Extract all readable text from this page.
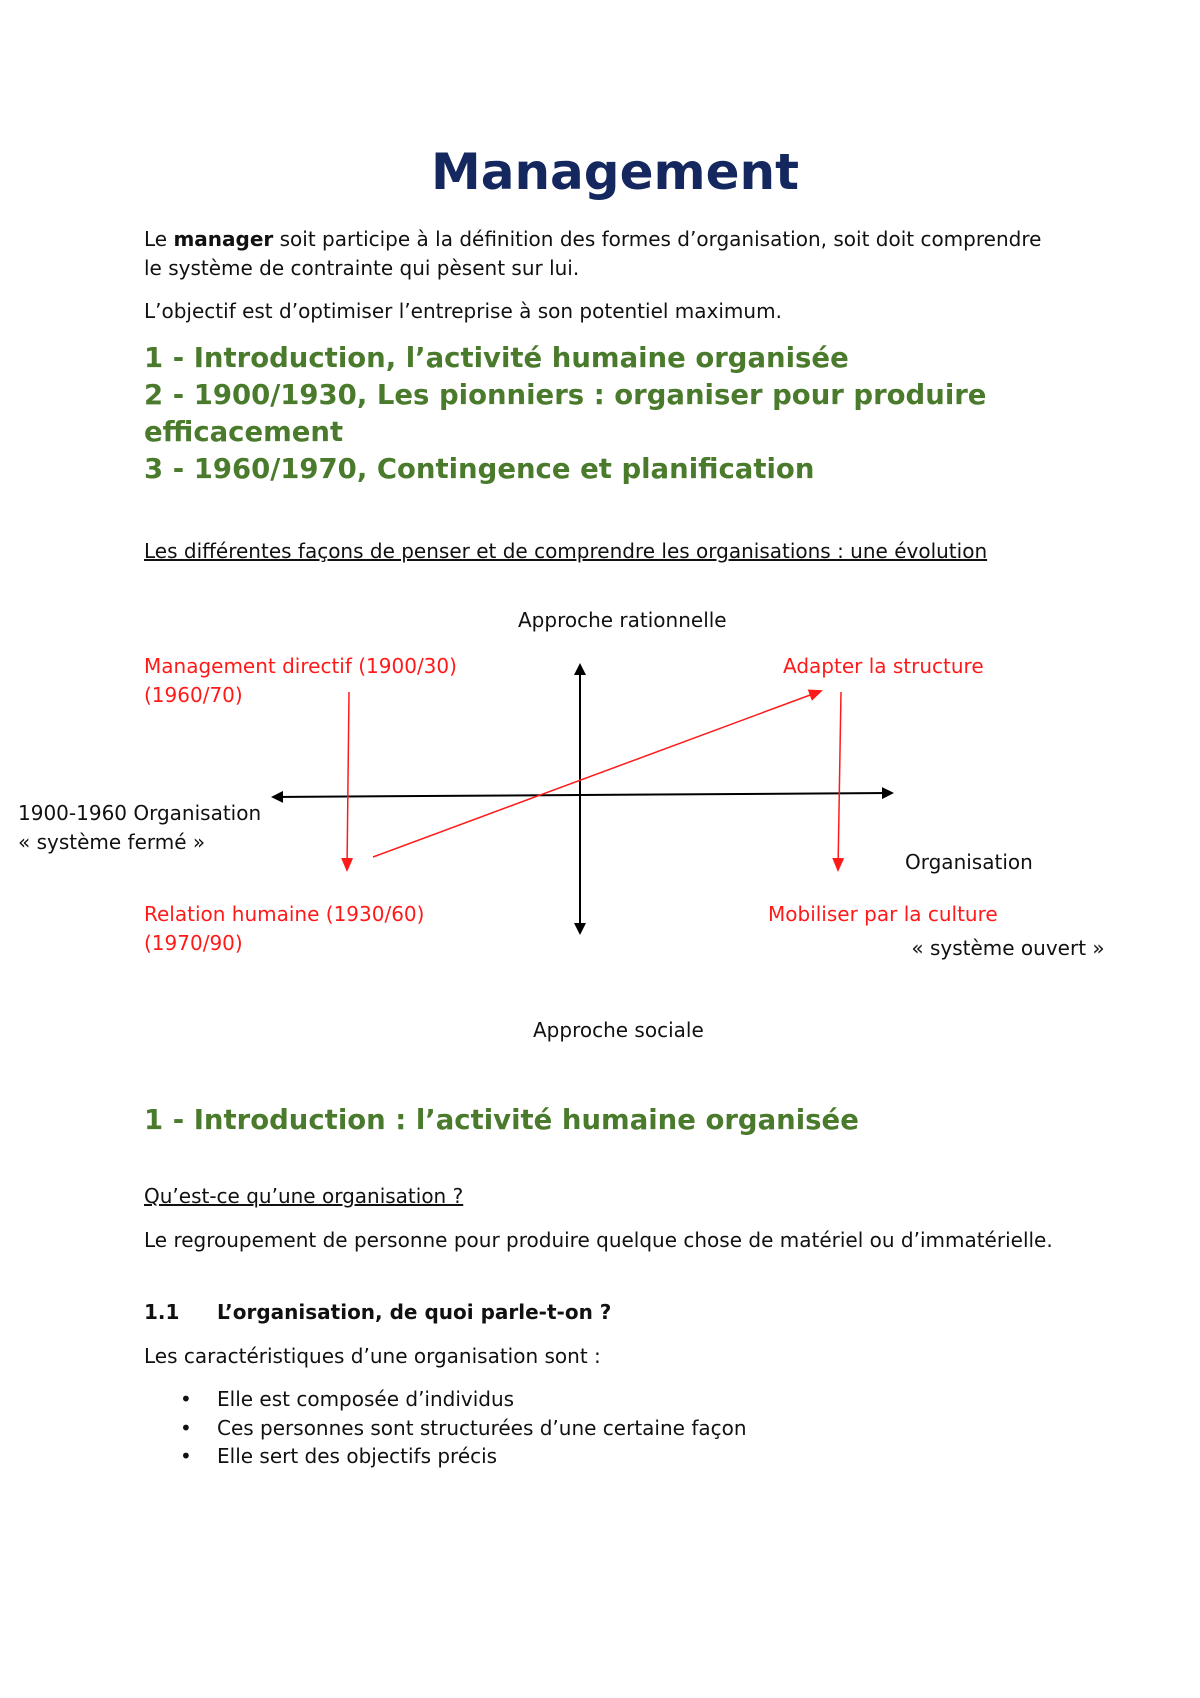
Management

Le manager soit participe à la définition des formes d’organisation, soit doit comprendre le système de contrainte qui pèsent sur lui.

L’objectif est d’optimiser l’entreprise à son potentiel maximum.

1 - Introduction, l’activité humaine organisée
2 - 1900/1930, Les pionniers : organiser pour produire efficacement
3 - 1960/1970, Contingence et planification

Les différentes façons de penser et de comprendre les organisations : une évolution

Approche rationnelle
Approche sociale
1900-1960 Organisation
« système fermé »

Organisation

« système ouvert »

Management directif (1900/30)
(1960/70)
Adapter la structure
Relation humaine (1930/60)
(1970/90)
Mobiliser par la culture
1 - Introduction : l’activité humaine organisée

Qu’est-ce qu’une organisation ?

Le regroupement de personne pour produire quelque chose de matériel ou d’immatérielle.

1.1 L’organisation, de quoi parle-t-on ?

Les caractéristiques d’une organisation sont :

• Elle est composée d’individus
• Ces personnes sont structurées d’une certaine façon
• Elle sert des objectifs précis
